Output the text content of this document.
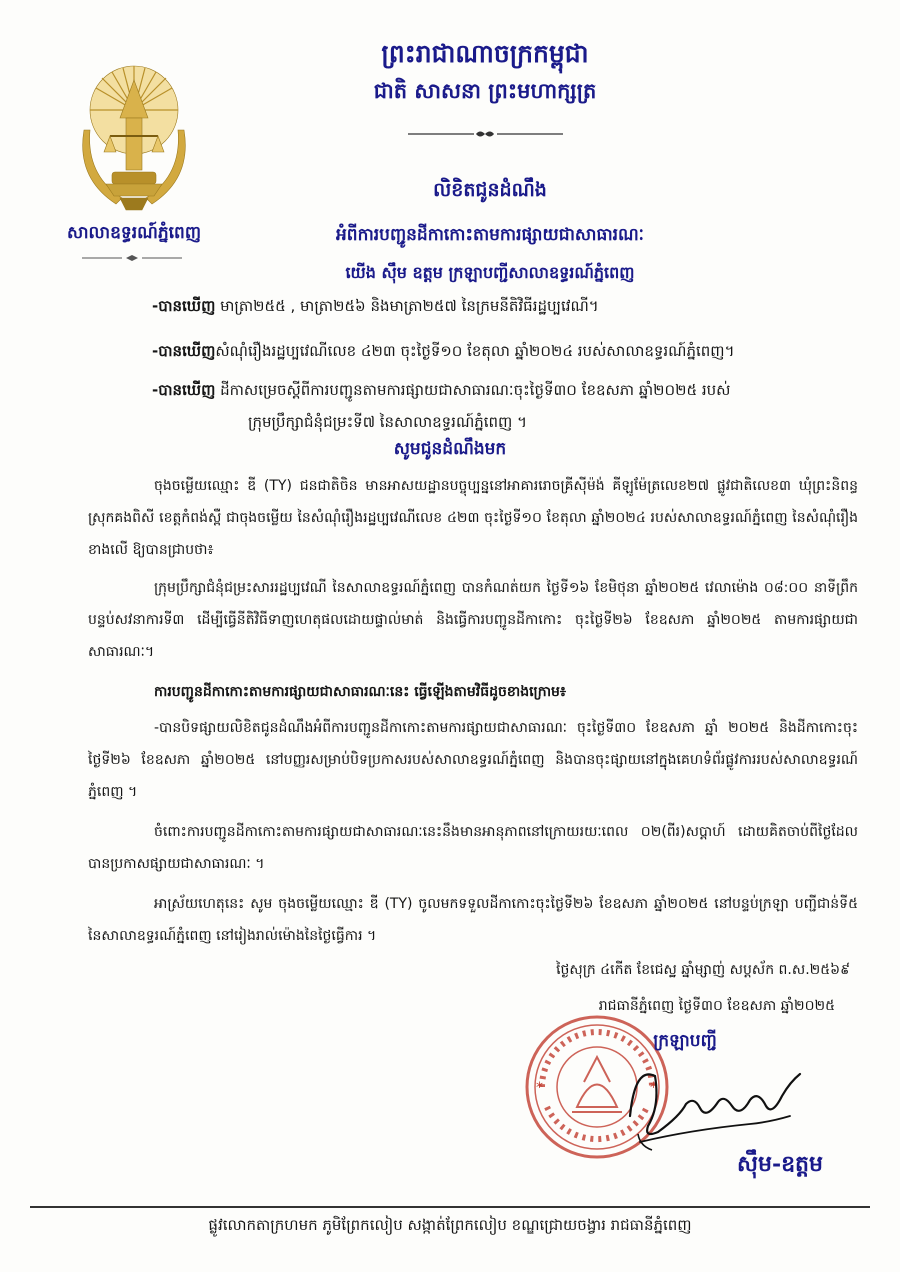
សាលាឧទ្ធរណ៍ភ្នំពេញ
ព្រះរាជាណាចក្រកម្ពុជា
ជាតិ សាសនា ព្រះមហាក្សត្រ
លិខិតជូនដំណឹង
អំពីការបញ្ជូនដីកាកោះតាមការផ្សាយជាសាធារណៈ
យើង ស៊ឹម ឧត្តម ក្រឡាបញ្ជីសាលាឧទ្ធរណ៍ភ្នំពេញ
-បានឃើញ មាត្រា២៥៥ , មាត្រា២៥៦ និងមាត្រា២៥៧ នៃក្រមនីតិវិធីរដ្ឋប្បវេណី។
-បានឃើញសំណុំរឿងរដ្ឋប្បវេណីលេខ ៤២៣ ចុះថ្ងៃទី១០ ខែតុលា ឆ្នាំ២០២៤ របស់សាលាឧទ្ធរណ៍ភ្នំពេញ។
-បានឃើញ ដីកាសម្រេចស្តីពីការបញ្ជូនតាមការផ្សាយជាសាធារណៈចុះថ្ងៃទី៣០ ខែឧសភា ឆ្នាំ២០២៥ របស់
ក្រុមប្រឹក្សាជំនុំជម្រះទី៧ នៃសាលាឧទ្ធរណ៍ភ្នំពេញ ។
សូមជូនដំណឹងមក
ចុងចម្លើយឈ្មោះ ឌី (TY) ជនជាតិចិន មានអាសយដ្ឋានបច្ចុប្បន្ននៅអាគាររោចគ្រីស៊ីម៉ង់ គីឡូម៉ែត្រលេខ២៧ ផ្លូវជាតិលេខ៣ ឃុំព្រះនិពន្ធ ស្រុកគងពិសី ខេត្តកំពង់ស្ពឺ ជាចុងចម្លើយ នៃសំណុំរឿងរដ្ឋប្បវេណីលេខ ៤២៣ ចុះថ្ងៃទី១០ ខែតុលា ឆ្នាំ២០២៤ របស់សាលាឧទ្ធរណ៍ភ្នំពេញ នៃសំណុំរឿងខាងលើ ឱ្យបានជ្រាបថា៖
ក្រុមប្រឹក្សាជំនុំជម្រះសាររដ្ឋប្បវេណី នៃសាលាឧទ្ធរណ៍ភ្នំពេញ បានកំណត់យក ថ្ងៃទី១៦ ខែមិថុនា ឆ្នាំ២០២៥ វេលាម៉ោង ០៨:០០ នាទីព្រឹក បន្ទប់សវនាការទី៣ ដើម្បីធ្វើនីតិវិធីទាញហេតុផលដោយផ្ទាល់មាត់ និងធ្វើការបញ្ជូនដីកាកោះ ចុះថ្ងៃទី២៦ ខែឧសភា ឆ្នាំ២០២៥ តាមការផ្សាយជាសាធារណៈ។
ការបញ្ជូនដីកាកោះតាមការផ្សាយជាសាធារណៈនេះ ធ្វើឡើងតាមវិធីដូចខាងក្រោម៖
-បានបិទផ្សាយលិខិតជូនដំណឹងអំពីការបញ្ជូនដីកាកោះតាមការផ្សាយជាសាធារណៈ ចុះថ្ងៃទី៣០ ខែឧសភា ឆ្នាំ ២០២៥ និងដីកាកោះចុះថ្ងៃទី២៦ ខែឧសភា ឆ្នាំ២០២៥ នៅបញ្ញរសម្រាប់បិទប្រកាសរបស់សាលាឧទ្ធរណ៍ភ្នំពេញ និងបានចុះផ្សាយនៅក្នុងគេហទំព័រផ្លូវការរបស់សាលាឧទ្ធរណ៍ភ្នំពេញ ។
ចំពោះការបញ្ជូនដីកាកោះតាមការផ្សាយជាសាធារណៈនេះនឹងមានអានុភាពនៅក្រោយរយៈពេល ០២(ពីរ)សប្តាហ៍ ដោយគិតចាប់ពីថ្ងៃដែលបានប្រកាសផ្សាយជាសាធារណៈ ។
អាស្រ័យហេតុនេះ សូម ចុងចម្លើយឈ្មោះ ឌី (TY) ចូលមកទទួលដីកាកោះចុះថ្ងៃទី២៦ ខែឧសភា ឆ្នាំ២០២៥ នៅបន្ទប់ក្រឡា បញ្ជីជាន់ទី៥ នៃសាលាឧទ្ធរណ៍ភ្នំពេញ នៅរៀងរាល់ម៉ោងនៃថ្ងៃធ្វើការ ។
ថ្ងៃសុក្រ ៤កើត ខែជេស្ឋ ឆ្នាំម្សាញ់ សប្តស័ក ព.ស.២៥៦៩
រាជធានីភ្នំពេញ ថ្ងៃទី៣០ ខែឧសភា ឆ្នាំ២០២៥
*	*
ក្រឡាបញ្ជី
ស៊ឹម-ឧត្តម
ផ្លូវលោកតាក្រហមក ភូមិព្រែកលៀប សង្កាត់ព្រែកលៀប ខណ្ឌជ្រោយចង្វារ រាជធានីភ្នំពេញ
